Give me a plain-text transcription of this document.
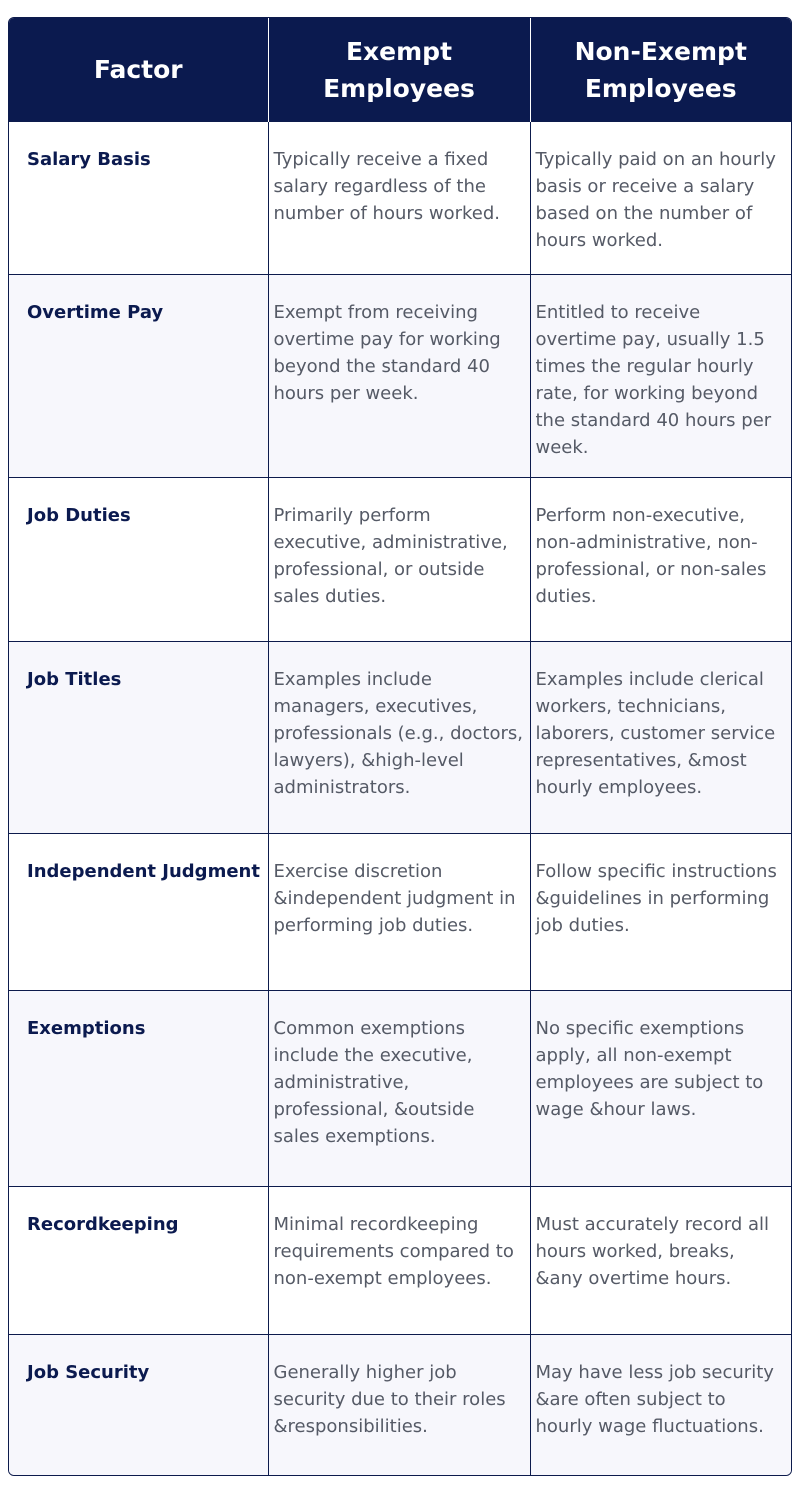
Factor	Exempt Employees	Non-Exempt Employees
Salary Basis	Typically receive a fixed salary regardless of the number of hours worked.	Typically paid on an hourly basis or receive a salary based on the number of hours worked.
Overtime Pay	Exempt from receiving overtime pay for working beyond the standard 40 hours per week.	Entitled to receive overtime pay, usually 1.5 times the regular hourly rate, for working beyond the standard 40 hours per week.
Job Duties	Primarily perform executive, administrative, professional, or outside sales duties.	Perform non-executive, non-administrative, non-professional, or non-sales duties.
Job Titles	Examples include managers, executives, professionals (e.g., doctors, lawyers), &high-level administrators.	Examples include clerical workers, technicians, laborers, customer service representatives, &most hourly employees.
Independent Judgment	Exercise discretion &independent judgment in performing job duties.	Follow specific instructions &guidelines in performing job duties.
Exemptions	Common exemptions include the executive, administrative, professional, &outside sales exemptions.	No specific exemptions apply, all non-exempt employees are subject to wage &hour laws.
Recordkeeping	Minimal recordkeeping requirements compared to non-exempt employees.	Must accurately record all hours worked, breaks, &any overtime hours.
Job Security	Generally higher job security due to their roles &responsibilities.	May have less job security &are often subject to hourly wage fluctuations.
